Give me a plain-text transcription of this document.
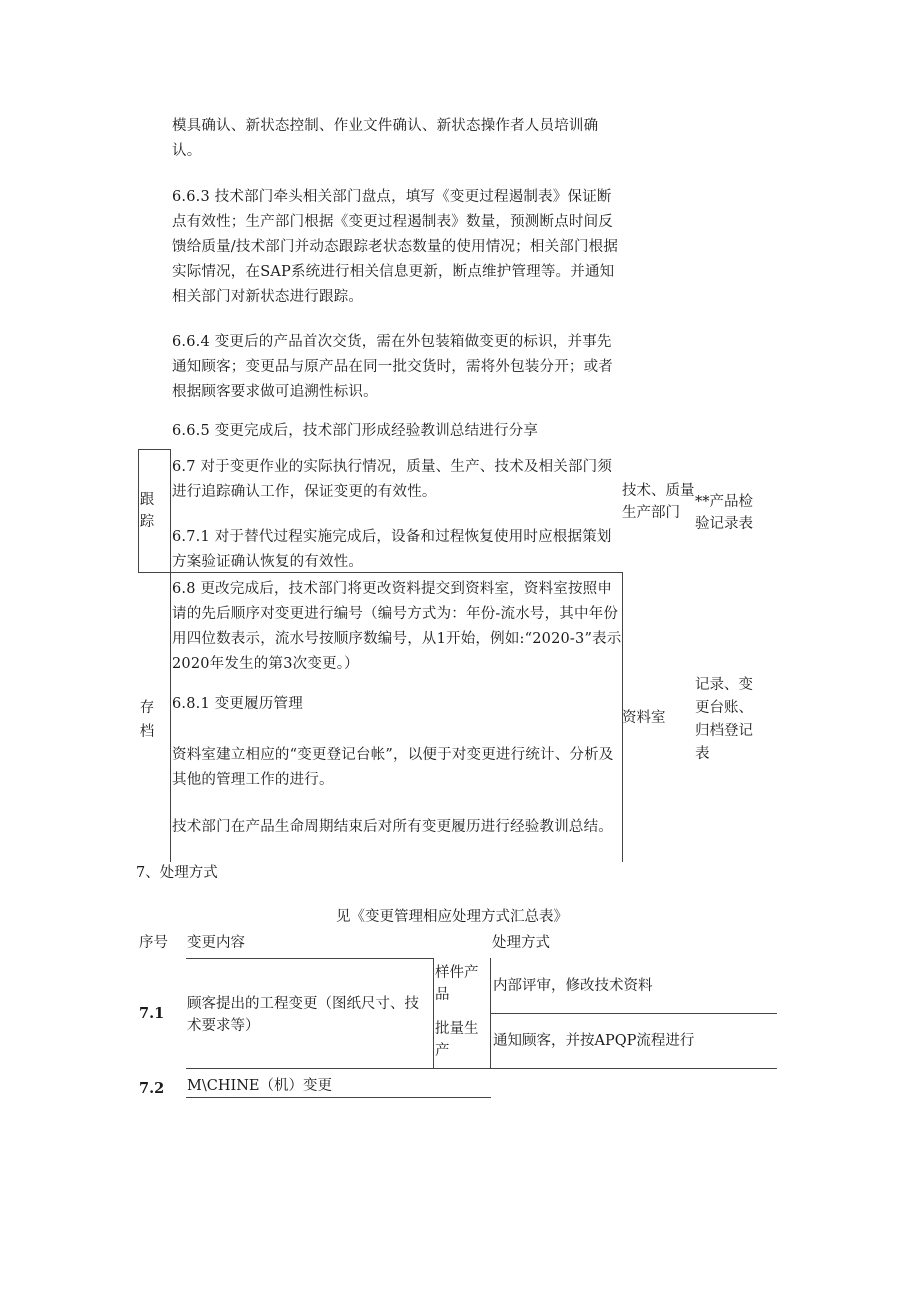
模具确认、新状态控制、作业文件确认、新状态操作者人员培训确认。
6.6.3 技术部门牵头相关部门盘点，填写《变更过程遏制表》保证断点有效性；生产部门根据《变更过程遏制表》数量，预测断点时间反馈给质量/技术部门并动态跟踪老状态数量的使用情况；相关部门根据实际情况，在SAP系统进行相关信息更新，断点维护管理等。并通知相关部门对新状态进行跟踪。
6.6.4 变更后的产品首次交货，需在外包装箱做变更的标识，并事先通知顾客；变更品与原产品在同一批交货时，需将外包装分开；或者根据顾客要求做可追溯性标识。
6.6.5 变更完成后，技术部门形成经验教训总结进行分享
跟
踪
6.7 对于变更作业的实际执行情况，质量、生产、技术及相关部门须进行追踪确认工作，保证变更的有效性。
6.7.1 对于替代过程实施完成后，设备和过程恢复使用时应根据策划方案验证确认恢复的有效性。
技术、质量生产部门
**产品检验记录表
存
档
6.8 更改完成后，技术部门将更改资料提交到资料室，资料室按照申请的先后顺序对变更进行编号（编号方式为：年份-流水号，其中年份用四位数表示，流水号按顺序数编号，从1开始，例如:“2020-3”表示2020年发生的第3次变更。）
6.8.1 变更履历管理
资料室建立相应的“变更登记台帐”，以便于对变更进行统计、分析及其他的管理工作的进行。
技术部门在产品生命周期结束后对所有变更履历进行经验教训总结。
资料室
记录、变更台账、归档登记表
7、处理方式
见《变更管理相应处理方式汇总表》
序号 变更内容	处理方式
7.1
顾客提出的工程变更（图纸尺寸、技术要求等）
样件产品
内部评审，修改技术资料
批量生产
通知顾客，并按APQP流程进行
7.2 M\CHINE（机）变更
